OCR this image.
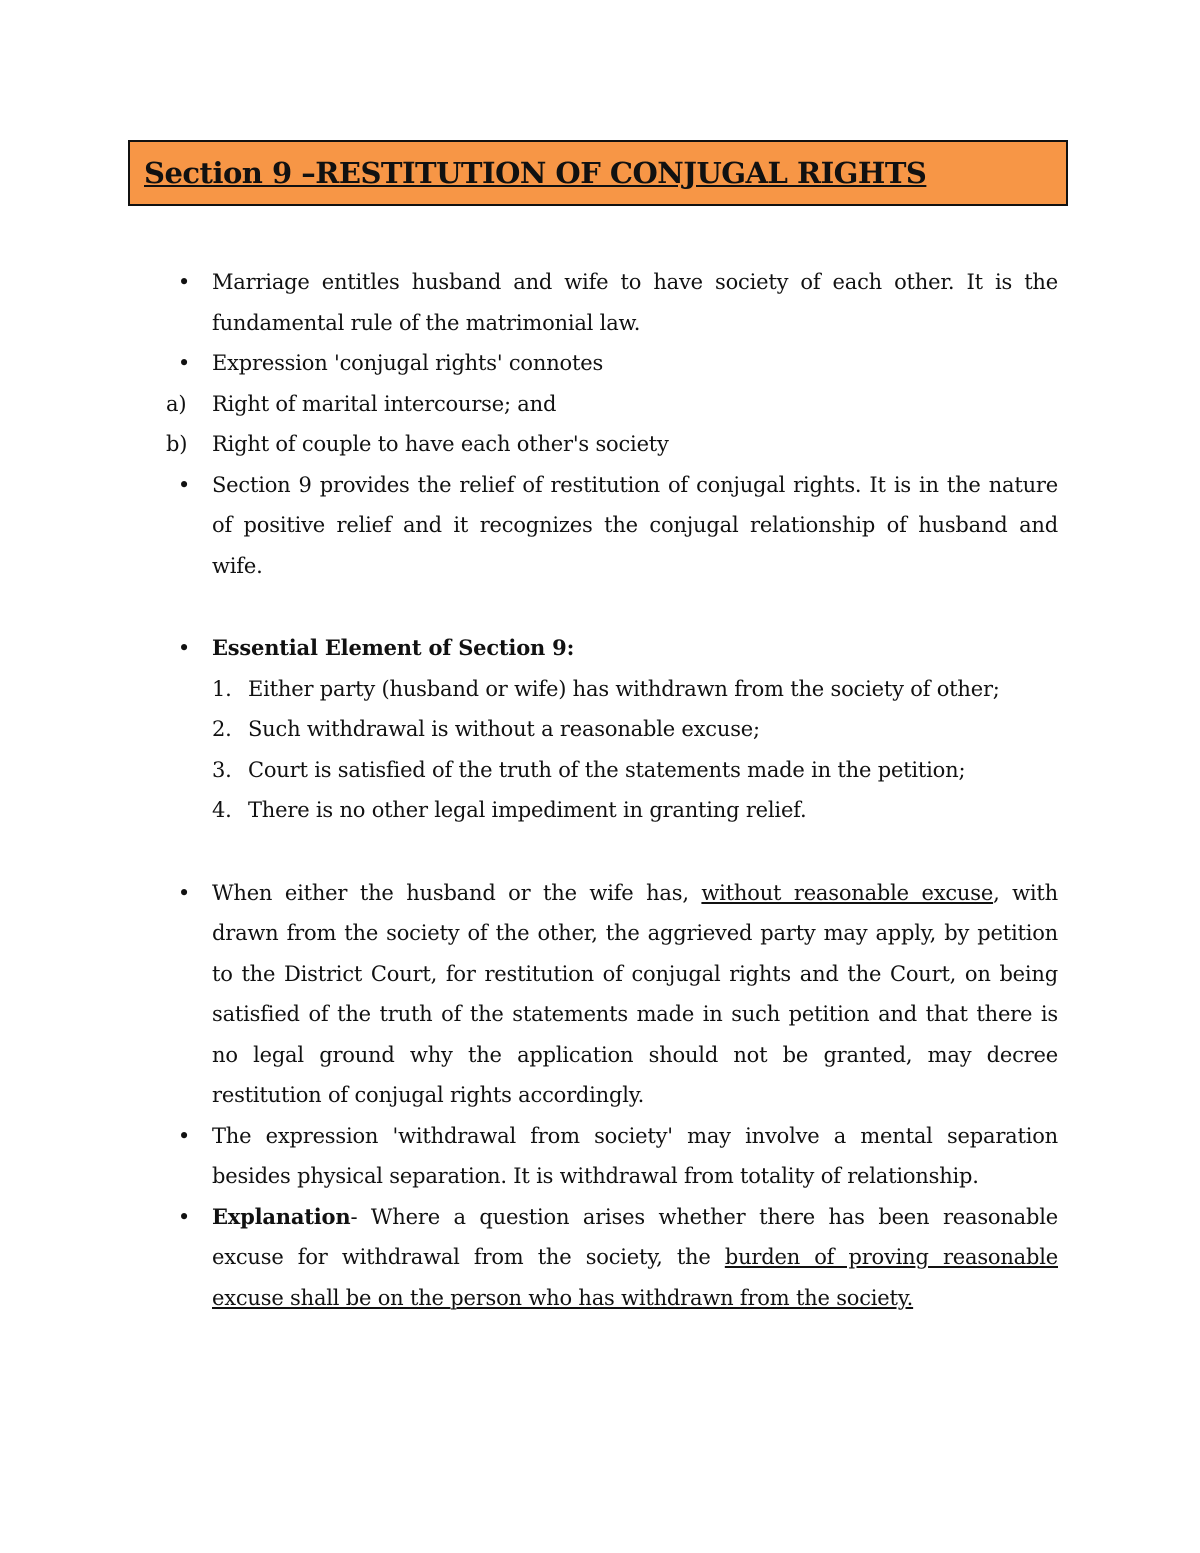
Section 9 –RESTITUTION OF CONJUGAL RIGHTS
• Marriage entitles husband and wife to have society of each other. It is the fundamental rule of the matrimonial law.
• Expression 'conjugal rights' connotes
a) Right of marital intercourse; and
b) Right of couple to have each other's society
• Section 9 provides the relief of restitution of conjugal rights. It is in the nature of positive relief and it recognizes the conjugal relationship of husband and wife.
• Essential Element of Section 9:
1. Either party (husband or wife) has withdrawn from the society of other;
2. Such withdrawal is without a reasonable excuse;
3. Court is satisfied of the truth of the statements made in the petition;
4. There is no other legal impediment in granting relief.
• When either the husband or the wife has, without reasonable excuse, with drawn from the society of the other, the aggrieved party may apply, by petition to the District Court, for restitution of conjugal rights and the Court, on being satisfied of the truth of the statements made in such petition and that there is no legal ground why the application should not be granted, may decree restitution of conjugal rights accordingly.
• The expression 'withdrawal from society' may involve a mental separation besides physical separation. It is withdrawal from totality of relationship.
• Explanation- Where a question arises whether there has been reasonable excuse for withdrawal from the society, the burden of proving reasonable excuse shall be on the person who has withdrawn from the society.
